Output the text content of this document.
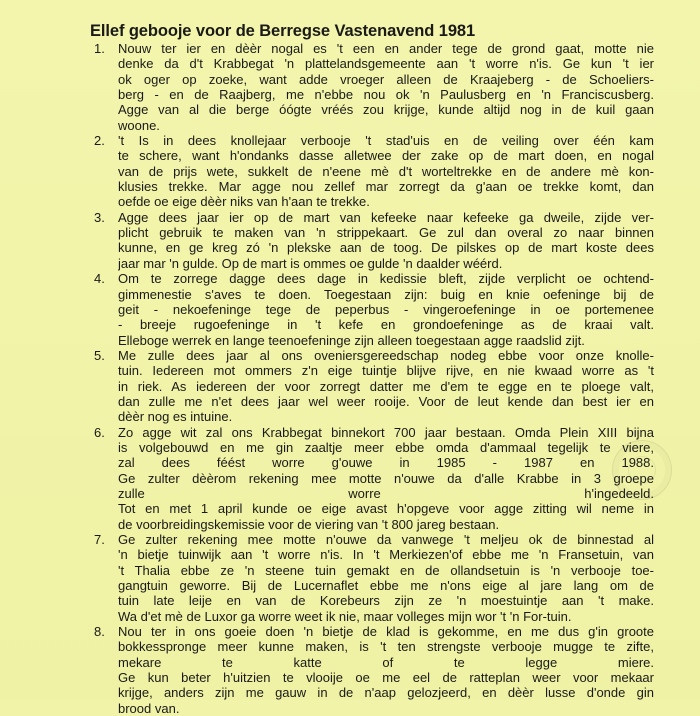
Ellef gebooje voor de Berregse Vastenavend 1981
1. Nouw ter ier en dèèr nogal es 't een en ander tege de grond gaat, motte nie
denke da d't Krabbegat 'n plattelandsgemeente aan 't worre n'is. Ge kun 't ier
ok oger op zoeke, want adde vroeger alleen de Kraajeberg - de Schoeliers-
berg - en de Raajberg, me n'ebbe nou ok 'n Paulusberg en 'n Franciscusberg.
Agge van al die berge óógte vréés zou krijge, kunde altijd nog in de kuil gaan
woone.
2. 't Is in dees knollejaar verbooje 't stad'uis en de veiling over één kam
te schere, want h'ondanks dasse alletwee der zake op de mart doen, en nogal
van de prijs wete, sukkelt de n'eene mè d't worteltrekke en de andere mè kon-
klusies trekke. Mar agge nou zellef mar zorregt da g'aan oe trekke komt, dan
oefde oe eige dèèr niks van h'aan te trekke.
3. Agge dees jaar ier op de mart van kefeeke naar kefeeke ga dweile, zijde ver-
plicht gebruik te maken van 'n strippekaart. Ge zul dan overal zo naar binnen
kunne, en ge kreg zó 'n plekske aan de toog. De pilskes op de mart koste dees
jaar mar 'n gulde. Op de mart is ommes oe gulde 'n daalder wéérd.
4. Om te zorrege dagge dees dage in kedissie bleft, zijde verplicht oe ochtend-
gimmenestie s'aves te doen. Toegestaan zijn: buig en knie oefeninge bij de
geit - nekoefeninge tege de peperbus - vingeroefeninge in oe portemenee
- breeje rugoefeninge in 't kefe en grondoefeninge as de kraai valt.
Elleboge werrek en lange teenoefeninge zijn alleen toegestaan agge raadslid zijt.
5. Me zulle dees jaar al ons oveniersgereedschap nodeg ebbe voor onze knolle-
tuin. Iedereen mot ommers z'n eige tuintje blijve rijve, en nie kwaad worre as 't
in riek. As iedereen der voor zorregt datter me d'em te egge en te ploege valt,
dan zulle me n'et dees jaar wel weer rooije. Voor de leut kende dan best ier en
dèèr nog es intuine.
6. Zo agge wit zal ons Krabbegat binnekort 700 jaar bestaan. Omda Plein XIII bijna
is volgebouwd en me gin zaaltje meer ebbe omda d'ammaal tegelijk te viere,
zal dees féést worre g'ouwe in 1985 - 1987 en 1988.
Ge zulter dèèrom rekening mee motte n'ouwe da d'alle Krabbe in 3 groepe
zulle worre h'ingedeeld.
Tot en met 1 april kunde oe eige avast h'opgeve voor agge zitting wil neme in
de voorbreidingskemissie voor de viering van 't 800 jareg bestaan.
7. Ge zulter rekening mee motte n'ouwe da vanwege 't meljeu ok de binnestad al
'n bietje tuinwijk aan 't worre n'is. In 't Merkiezen'of ebbe me 'n Fransetuin, van
't Thalia ebbe ze 'n steene tuin gemakt en de ollandsetuin is 'n verbooje toe-
gangtuin geworre. Bij de Lucernaflet ebbe me n'ons eige al jare lang om de
tuin late leije en van de Korebeurs zijn ze 'n moestuintje aan 't make.
Wa d'et mè de Luxor ga worre weet ik nie, maar volleges mijn wor 't 'n For-tuin.
8. Nou ter in ons goeie doen 'n bietje de klad is gekomme, en me dus g'in groote
bokkesspronge meer kunne maken, is 't ten strengste verbooje mugge te zifte,
mekare te katte of te legge miere.
Ge kun beter h'uitzien te vlooije oe me eel de ratteplan weer voor mekaar
krijge, anders zijn me gauw in de n'aap gelozjeerd, en dèèr lusse d'onde gin
brood van.
